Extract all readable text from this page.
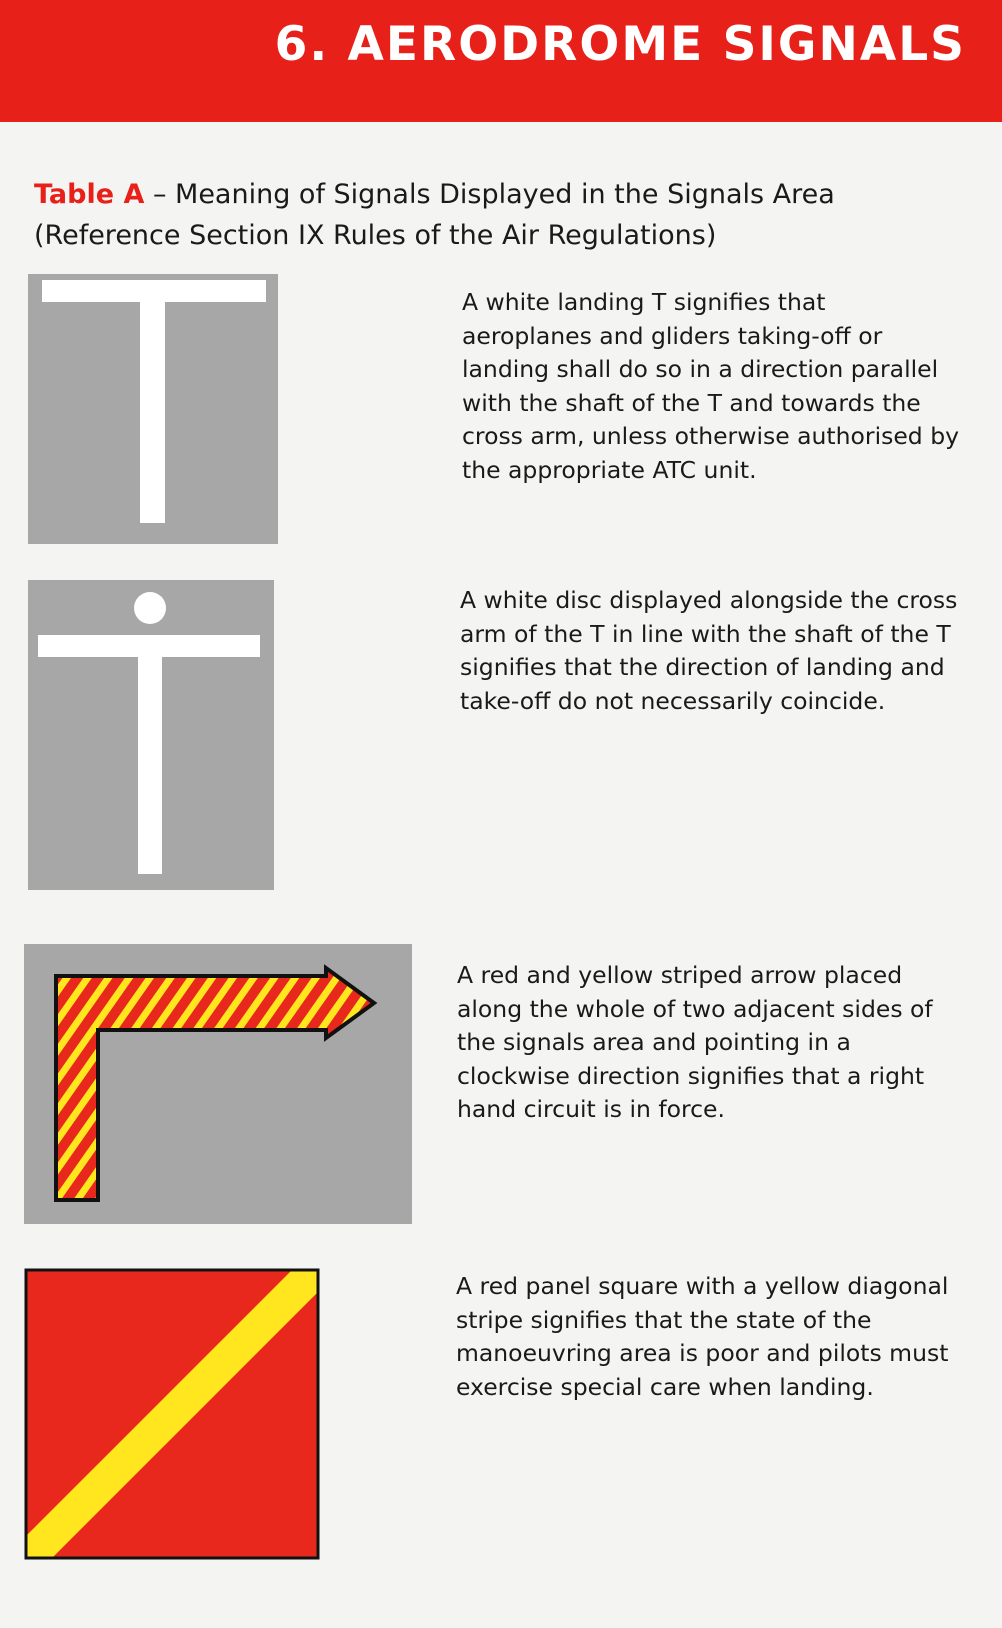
6. AERODROME SIGNALS
Table A – Meaning of Signals Displayed in the Signals Area
(Reference Section IX Rules of the Air Regulations)

A white landing T signifies that aeroplanes and gliders taking-off or landing shall do so in a direction parallel with the shaft of the T and towards the cross arm, unless otherwise authorised by the appropriate ATC unit.

A white disc displayed alongside the cross arm of the T in line with the shaft of the T signifies that the direction of landing and take-off do not necessarily coincide.

A red and yellow striped arrow placed along the whole of two adjacent sides of the signals area and pointing in a clockwise direction signifies that a right hand circuit is in force.

A red panel square with a yellow diagonal stripe signifies that the state of the manoeuvring area is poor and pilots must exercise special care when landing.
